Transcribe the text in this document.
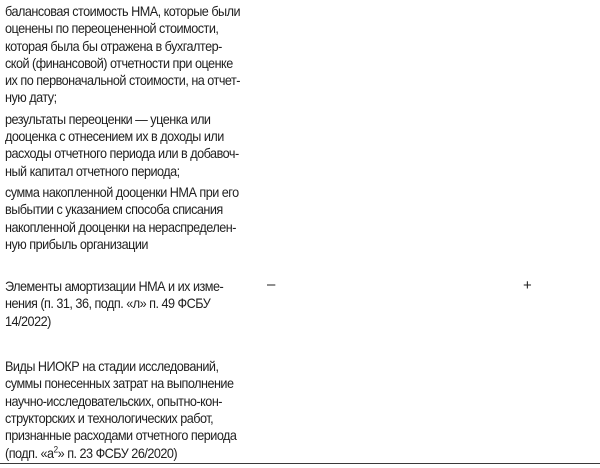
балансовая стоимость НМА, которые были
оценены по переоцененной стоимости,
которая была бы отражена в бухгалтер-
ской (финансовой) отчетности при оценке
их по первоначальной стоимости, на отчет-
ную дату;
результаты переоценки — уценка или
дооценка с отнесением их в доходы или
расходы отчетного периода или в добавоч-
ный капитал отчетного периода;
сумма накопленной дооценки НМА при его
выбытии с указанием способа списания
накопленной дооценки на нераспределен-
ную прибыль организации
Элементы амортизации НМА и их изме-
нения (п. 31, 36, подп. «л» п. 49 ФСБУ
14/2022)
Виды НИОКР на стадии исследований,
суммы понесенных затрат на выполнение
научно-исследовательских, опытно-кон-
структорских и технологических работ,
признанные расходами отчетного периода
(подп. «$а^2$» п. 23 ФСБУ 26/2020)
–	+
